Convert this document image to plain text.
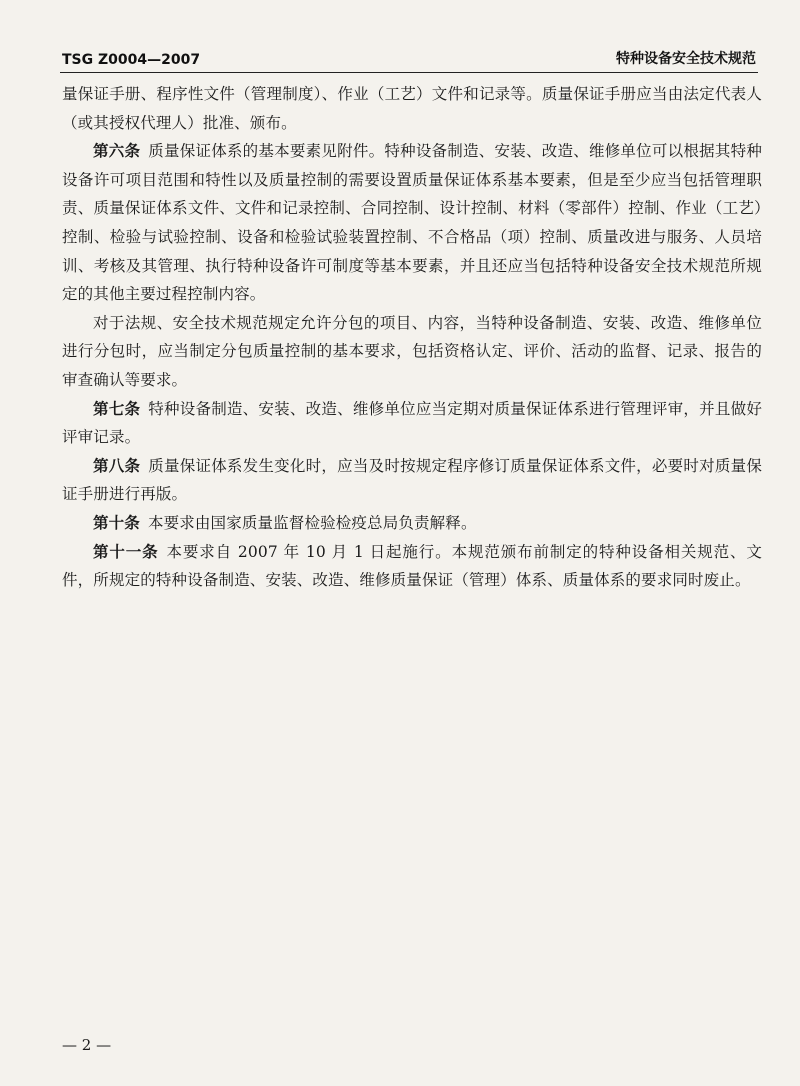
TSG Z0004—2007	特种设备安全技术规范

量保证手册、程序性文件（管理制度）、作业（工艺）文件和记录等。质量保证手册应当由法定代表人（或其授权代理人）批准、颁布。

第六条 质量保证体系的基本要素见附件。特种设备制造、安装、改造、维修单位可以根据其特种设备许可项目范围和特性以及质量控制的需要设置质量保证体系基本要素，但是至少应当包括管理职责、质量保证体系文件、文件和记录控制、合同控制、设计控制、材料（零部件）控制、作业（工艺）控制、检验与试验控制、设备和检验试验装置控制、不合格品（项）控制、质量改进与服务、人员培训、考核及其管理、执行特种设备许可制度等基本要素，并且还应当包括特种设备安全技术规范所规定的其他主要过程控制内容。

对于法规、安全技术规范规定允许分包的项目、内容，当特种设备制造、安装、改造、维修单位进行分包时，应当制定分包质量控制的基本要求，包括资格认定、评价、活动的监督、记录、报告的审查确认等要求。

第七条 特种设备制造、安装、改造、维修单位应当定期对质量保证体系进行管理评审，并且做好评审记录。

第八条 质量保证体系发生变化时，应当及时按规定程序修订质量保证体系文件，必要时对质量保证手册进行再版。

第十条 本要求由国家质量监督检验检疫总局负责解释。

第十一条 本要求自 2007 年 10 月 1 日起施行。本规范颁布前制定的特种设备相关规范、文件，所规定的特种设备制造、安装、改造、维修质量保证（管理）体系、质量体系的要求同时废止。

— 2 —
